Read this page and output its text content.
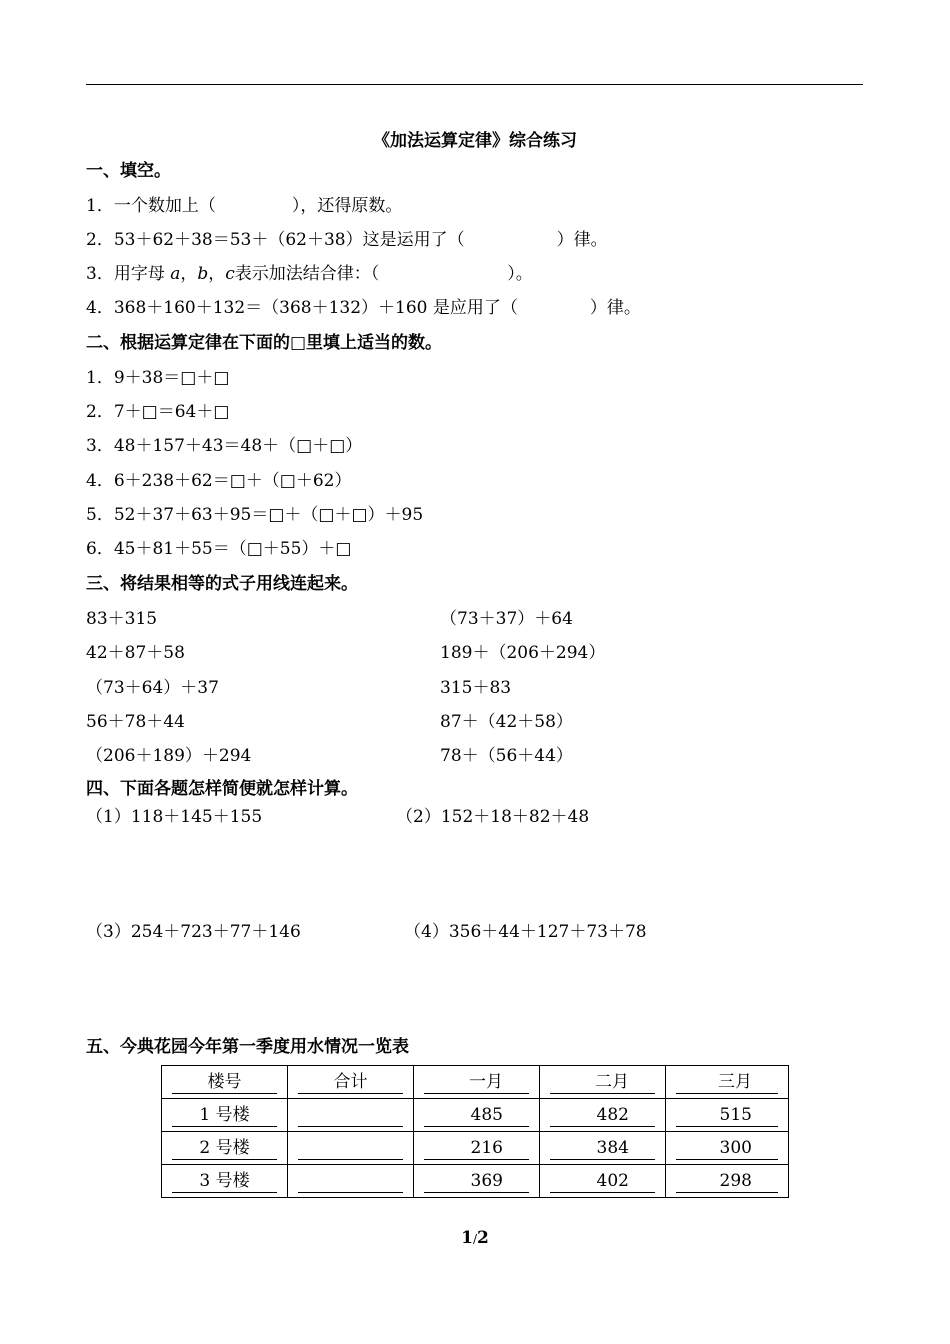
《加法运算定律》综合练习
一、填空。
1．一个数加上（	），还得原数。
2．53＋62＋38＝53＋（62＋38）这是运用了（	）律。
3．用字母 a，b，c表示加法结合律：（	）。
4．368＋160＋132＝（368＋132）＋160 是应用了（	）律。
二、根据运算定律在下面的□里填上适当的数。
1．9＋38＝□＋□
2．7＋□＝64＋□
3．48＋157＋43＝48＋（□＋□）
4．6＋238＋62＝□＋（□＋62）
5．52＋37＋63＋95＝□＋（□＋□）＋95
6．45＋81＋55＝（□＋55）＋□
三、将结果相等的式子用线连起来。
83＋315	（73＋37）＋64
42＋87＋58	189＋（206＋294）
（73＋64）＋37	315＋83
56＋78＋44	87＋（42＋58）
（206＋189）＋294	78＋（56＋44）
四、下面各题怎样简便就怎样计算。
（1）118＋145＋155	（2）152＋18＋82＋48
（3）254＋723＋77＋146	（4）356＋44＋127＋73＋78
五、今典花园今年第一季度用水情况一览表
楼号	合计	一月	二月	三月

1 号楼		485	482	515

2 号楼		216	384	300

3 号楼		369	402	298
1/2
